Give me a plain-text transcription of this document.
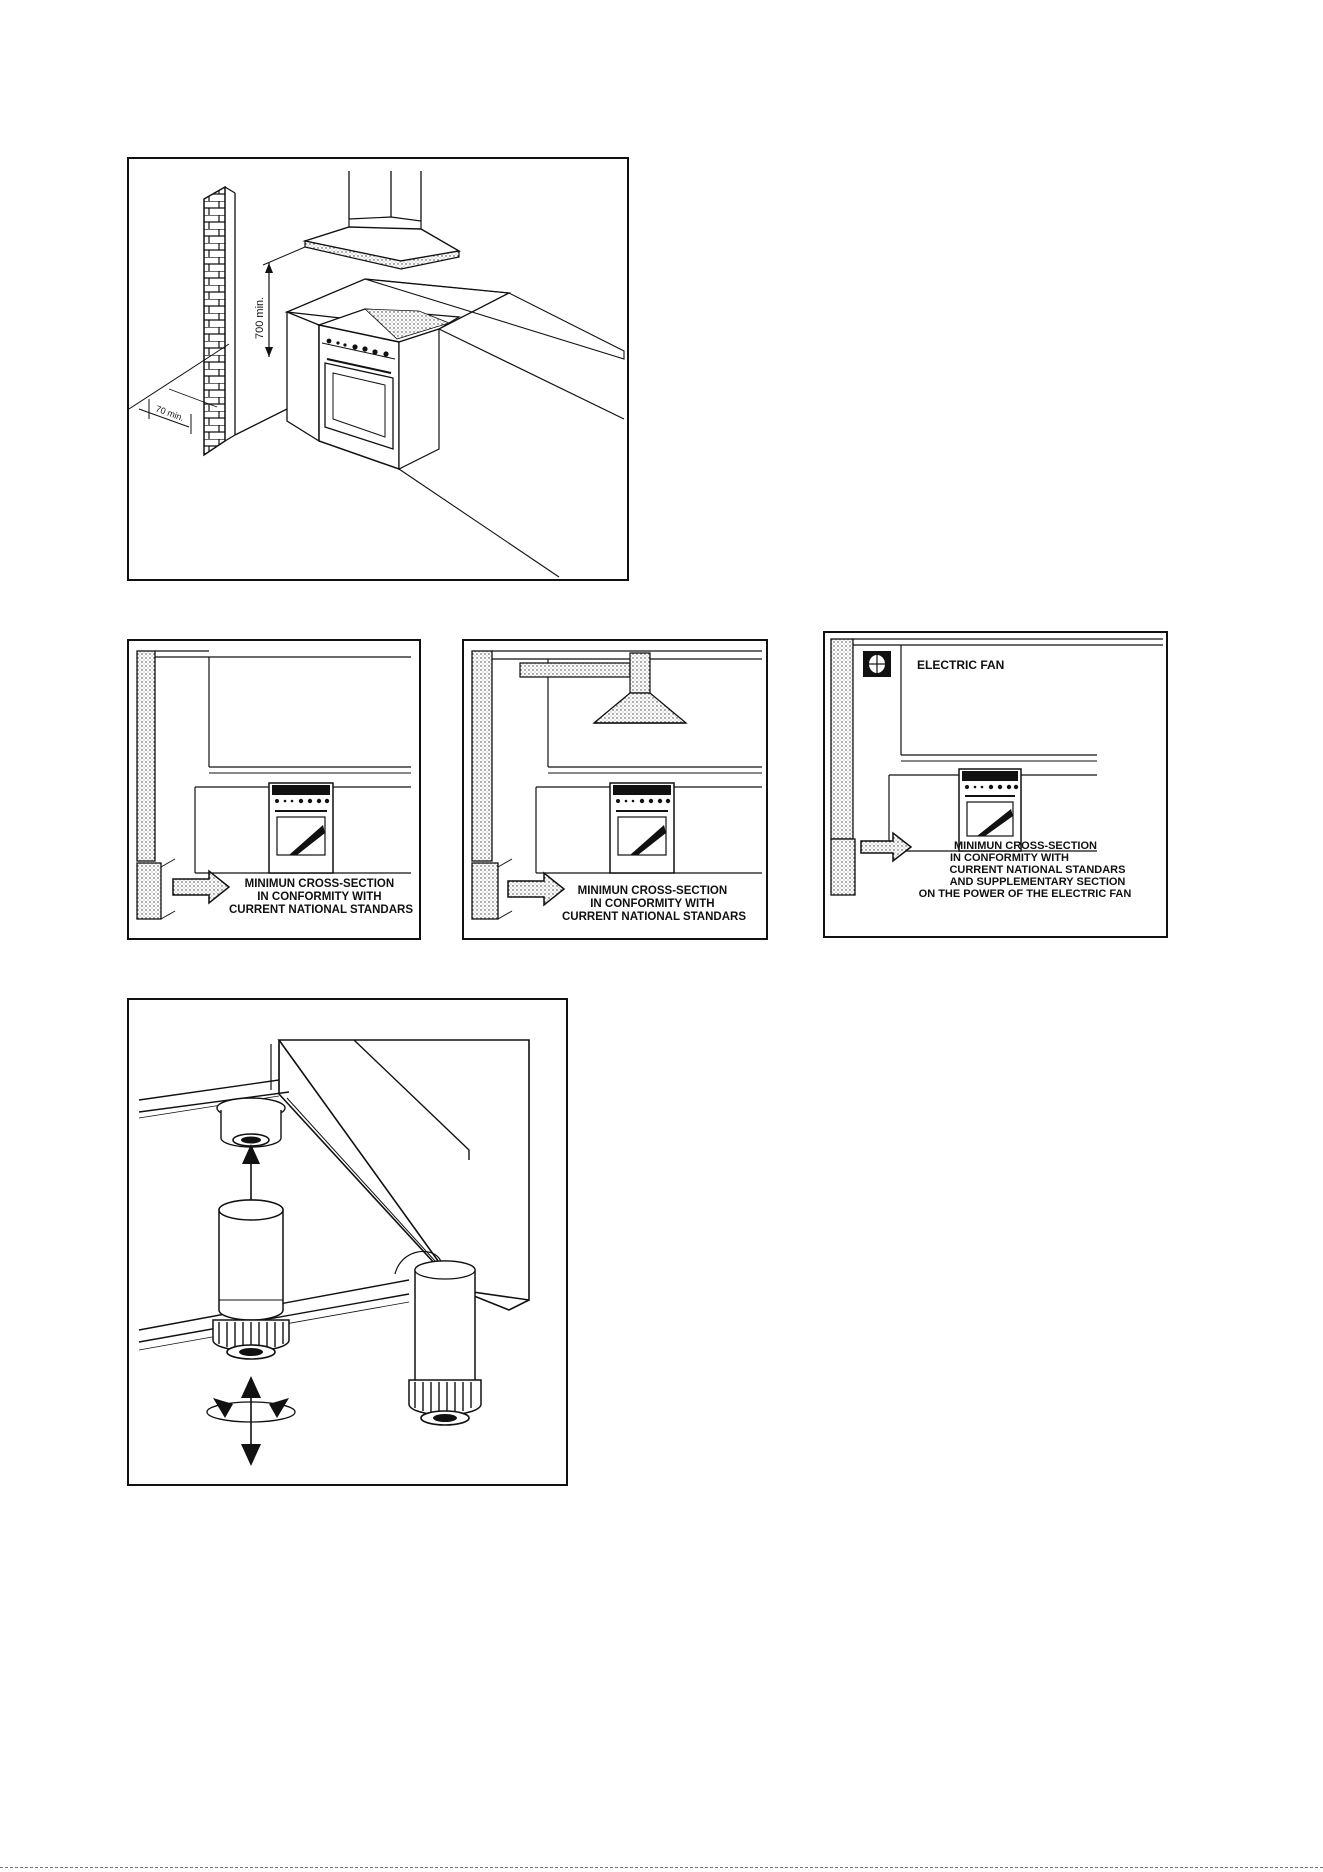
700 min.
70 min.
MINIMUN CROSS-SECTION IN CONFORMITY WITH CURRENT NATIONAL STANDARS
MINIMUN CROSS-SECTION IN CONFORMITY WITH CURRENT NATIONAL STANDARS
ELECTRIC FAN
MINIMUN CROSS-SECTION IN CONFORMITY WITH CURRENT NATIONAL STANDARS AND SUPPLEMENTARY SECTION ON THE POWER OF THE ELECTRIC FAN
